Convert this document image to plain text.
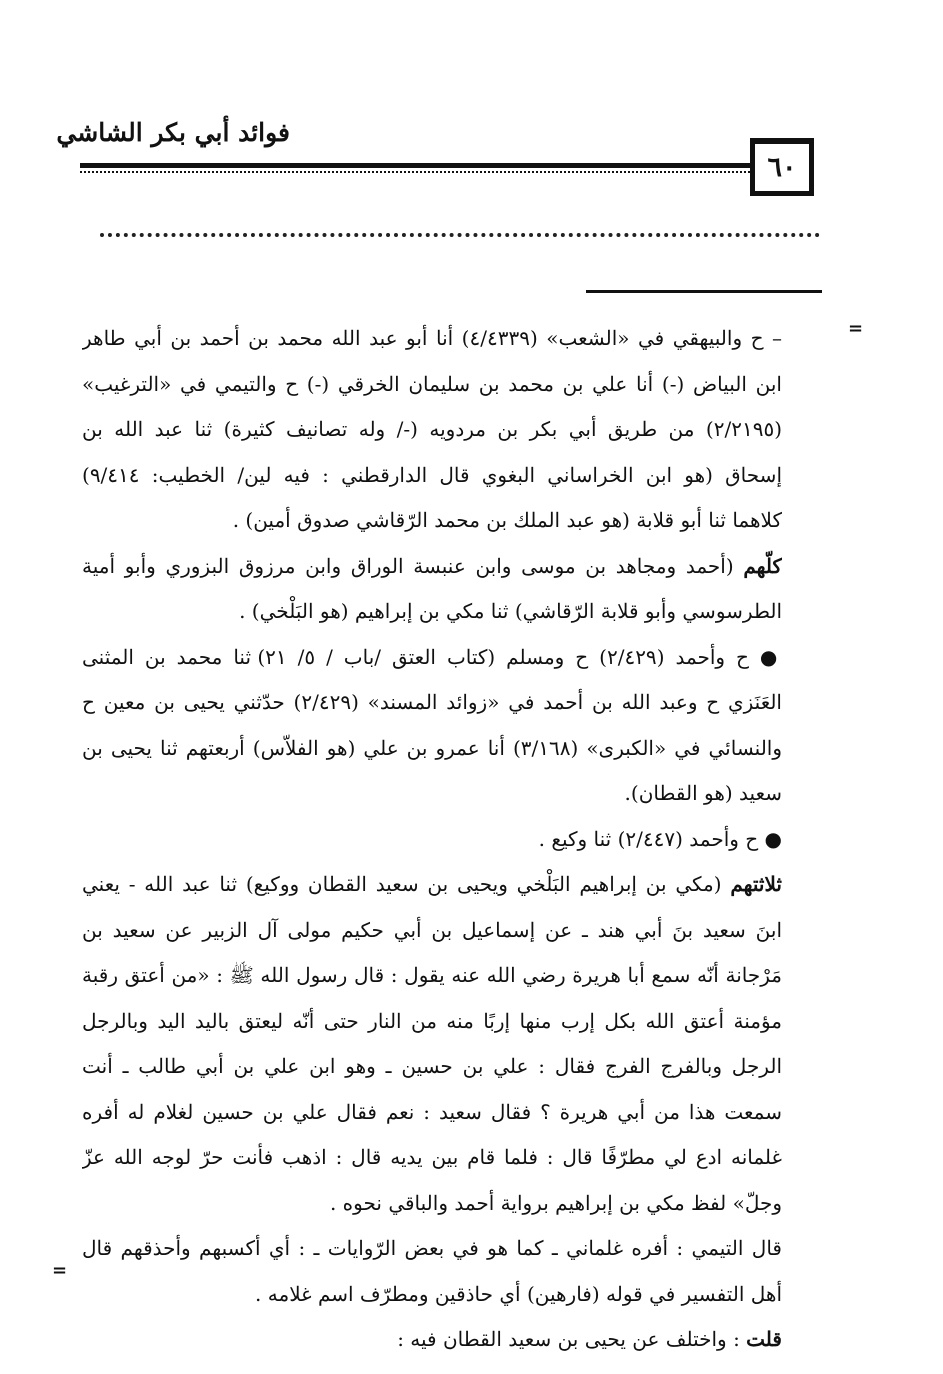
٦٠
فوائد أبي بكر الشاشي
=
=
– ح والبيهقي في «الشعب» (٤/٤٣٣٩) أنا أبو عبد الله محمد بن أحمد بن أبي طاهر
ابن البياض (-) أنا علي بن محمد بن سليمان الخرقي (-) ح والتيمي في «الترغيب»
(٢/٢١٩٥) من طريق أبي بكر بن مردويه (-/ وله تصانيف كثيرة) ثنا عبد الله بن
إسحاق (هو ابن الخراساني البغوي قال الدارقطني : فيه لين/ الخطيب: ٩/٤١٤)
كلاهما ثنا أبو قلابة (هو عبد الملك بن محمد الرّقاشي صدوق أمين) .
كلّهم (أحمد ومجاهد بن موسى وابن عنبسة الوراق وابن مرزوق البزوري وأبو أمية
الطرسوسي وأبو قلابة الرّقاشي) ثنا مكي بن إبراهيم (هو البَلْخي) .
● ح وأحمد (٢/٤٢٩) ح ومسلم (كتاب العتق /باب / ٥/ ٢١) ثنا محمد بن المثنى
العَنَزي ح وعبد الله بن أحمد في «زوائد المسند» (٢/٤٢٩) حدّثني يحيى بن معين ح
والنسائي في «الكبرى» (٣/١٦٨) أنا عمرو بن علي (هو الفلاّس) أربعتهم ثنا يحيى بن
سعيد (هو القطان).
● ح وأحمد (٢/٤٤٧) ثنا وكيع .
ثلاثتهم (مكي بن إبراهيم البَلْخي ويحيى بن سعيد القطان ووكيع) ثنا عبد الله - يعني
ابنَ سعيد بنَ أبي هند ـ عن إسماعيل بن أبي حكيم مولى آل الزبير عن سعيد بن
مَرْجانة أنّه سمع أبا هريرة رضي الله عنه يقول : قال رسول الله ﷺ : «من أعتق رقبة
مؤمنة أعتق الله بكل إرب منها إربًا منه من النار حتى أنّه ليعتق باليد اليد وبالرجل
الرجل وبالفرج الفرج فقال : علي بن حسين ـ وهو ابن علي بن أبي طالب ـ أنت
سمعت هذا من أبي هريرة ؟ فقال سعيد : نعم فقال علي بن حسين لغلام له أفره
غلمانه ادع لي مطرّفًا قال : فلما قام بين يديه قال : اذهب فأنت حرّ لوجه الله عزّ
وجلّ» لفظ مكي بن إبراهيم برواية أحمد والباقي نحوه .
قال التيمي : أفره غلماني ـ كما هو في بعض الرّوايات ـ : أي أكسبهم وأحذقهم قال
أهل التفسير في قوله (فارهين) أي حاذقين ومطرّف اسم غلامه .
قلت : واختلف عن يحيى بن سعيد القطان فيه :
